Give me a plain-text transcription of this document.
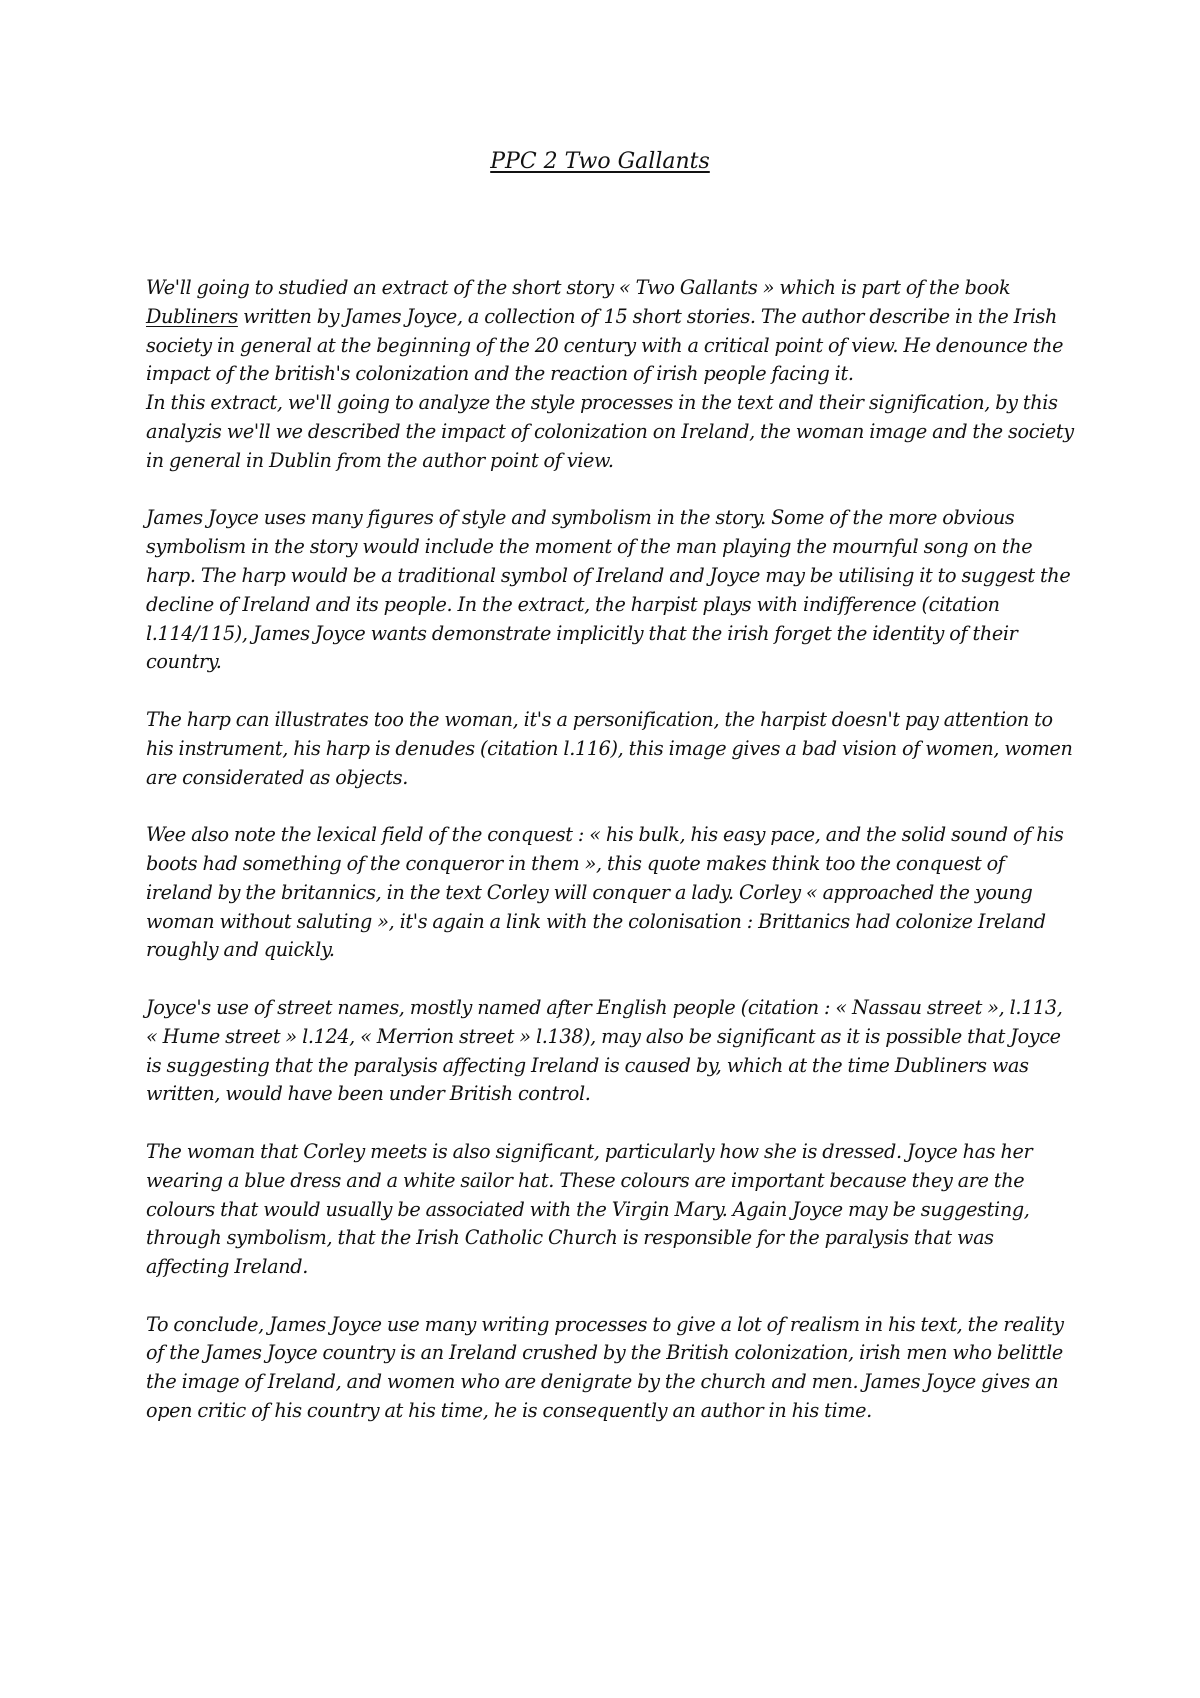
PPC 2 Two Gallants

We'll going to studied an extract of the short story « Two Gallants » which is part of the book Dubliners written by James Joyce, a collection of 15 short stories. The author describe in the Irish society in general at the beginning of the 20 century with a critical point of view. He denounce the impact of the british's colonization and the reaction of irish people facing it.

In this extract, we'll going to analyze the style processes in the text and their signification, by this analyzis we'll we described the impact of colonization on Ireland, the woman image and the society in general in Dublin from the author point of view.

James Joyce uses many figures of style and symbolism in the story. Some of the more obvious symbolism in the story would include the moment of the man playing the mournful song on the harp. The harp would be a traditional symbol of Ireland and Joyce may be utilising it to suggest the decline of Ireland and its people. In the extract, the harpist plays with indifference (citation l.114/115), James Joyce wants demonstrate implicitly that the irish forget the identity of their country.

The harp can illustrates too the woman, it's a personification, the harpist doesn't pay attention to his instrument, his harp is denudes (citation l.116), this image gives a bad vision of women, women are considerated as objects.

Wee also note the lexical field of the conquest : « his bulk, his easy pace, and the solid sound of his boots had something of the conqueror in them », this quote makes think too the conquest of ireland by the britannics, in the text Corley will conquer a lady. Corley « approached the young woman without saluting », it's again a link with the colonisation : Brittanics had colonize Ireland roughly and quickly.

Joyce's use of street names, mostly named after English people (citation : « Nassau street », l.113, « Hume street » l.124, « Merrion street » l.138), may also be significant as it is possible that Joyce is suggesting that the paralysis affecting Ireland is caused by, which at the time Dubliners was written, would have been under British control.

The woman that Corley meets is also significant, particularly how she is dressed. Joyce has her wearing a blue dress and a white sailor hat. These colours are important because they are the colours that would usually be associated with the Virgin Mary. Again Joyce may be suggesting, through symbolism, that the Irish Catholic Church is responsible for the paralysis that was affecting Ireland.

To conclude, James Joyce use many writing processes to give a lot of realism in his text, the reality of the James Joyce country is an Ireland crushed by the British colonization, irish men who belittle the image of Ireland, and women who are denigrate by the church and men. James Joyce gives an open critic of his country at his time, he is consequently an author in his time.
